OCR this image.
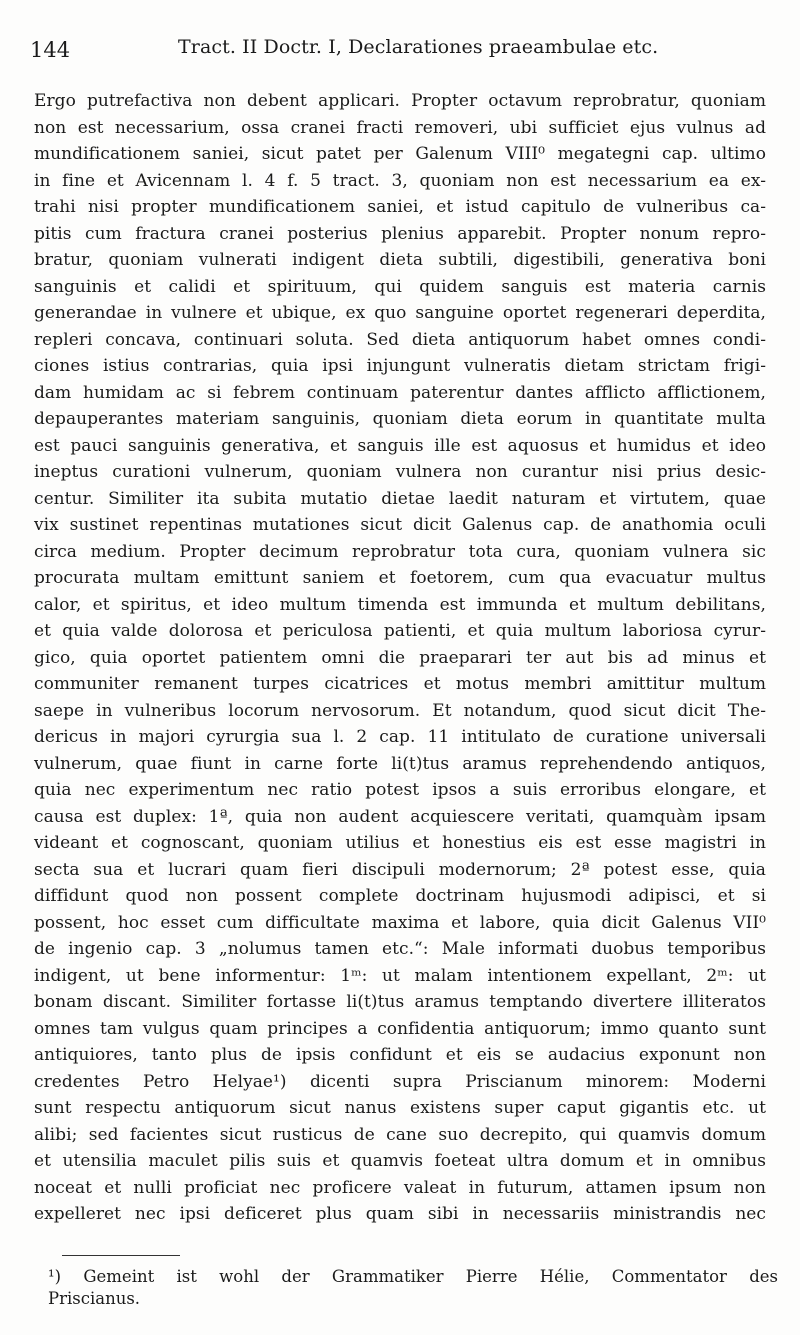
144	Tract. II Doctr. I, Declarationes praeambulae etc.
Ergo putrefactiva non debent applicari. Propter octavum reprobratur, quoniam
non est necessarium, ossa cranei fracti removeri, ubi sufficiet ejus vulnus ad
mundificationem saniei, sicut patet per Galenum VIII⁰ megategni cap. ultimo
in fine et Avicennam l. 4 f. 5 tract. 3, quoniam non est necessarium ea ex-
trahi nisi propter mundificationem saniei, et istud capitulo de vulneribus ca-
pitis cum fractura cranei posterius plenius apparebit. Propter nonum repro-
bratur, quoniam vulnerati indigent dieta subtili, digestibili, generativa boni
sanguinis et calidi et spirituum, qui quidem sanguis est materia carnis
generandae in vulnere et ubique, ex quo sanguine oportet regenerari deperdita,
repleri concava, continuari soluta. Sed dieta antiquorum habet omnes condi-
ciones istius contrarias, quia ipsi injungunt vulneratis dietam strictam frigi-
dam humidam ac si febrem continuam paterentur dantes afflicto afflictionem,
depauperantes materiam sanguinis, quoniam dieta eorum in quantitate multa
est pauci sanguinis generativa, et sanguis ille est aquosus et humidus et ideo
ineptus curationi vulnerum, quoniam vulnera non curantur nisi prius desic-
centur. Similiter ita subita mutatio dietae laedit naturam et virtutem, quae
vix sustinet repentinas mutationes sicut dicit Galenus cap. de anathomia oculi
circa medium. Propter decimum reprobratur tota cura, quoniam vulnera sic
procurata multam emittunt saniem et foetorem, cum qua evacuatur multus
calor, et spiritus, et ideo multum timenda est immunda et multum debilitans,
et quia valde dolorosa et periculosa patienti, et quia multum laboriosa cyrur-
gico, quia oportet patientem omni die praeparari ter aut bis ad minus et
communiter remanent turpes cicatrices et motus membri amittitur multum
saepe in vulneribus locorum nervosorum. Et notandum, quod sicut dicit The-
dericus in majori cyrurgia sua l. 2 cap. 11 intitulato de curatione universali
vulnerum, quae fiunt in carne forte li(t)tus aramus reprehendendo antiquos,
quia nec experimentum nec ratio potest ipsos a suis erroribus elongare, et
causa est duplex: 1ª, quia non audent acquiescere veritati, quamquàm ipsam
videant et cognoscant, quoniam utilius et honestius eis est esse magistri in
secta sua et lucrari quam fieri discipuli modernorum; 2ª potest esse, quia
diffidunt quod non possent complete doctrinam hujusmodi adipisci, et si
possent, hoc esset cum difficultate maxima et labore, quia dicit Galenus VII⁰
de ingenio cap. 3 „nolumus tamen etc.“: Male informati duobus temporibus
indigent, ut bene informentur: 1ᵐ: ut malam intentionem expellant, 2ᵐ: ut
bonam discant. Similiter fortasse li(t)tus aramus temptando divertere illiteratos
omnes tam vulgus quam principes a confidentia antiquorum; immo quanto sunt
antiquiores, tanto plus de ipsis confidunt et eis se audacius exponunt non
credentes Petro Helyae¹) dicenti supra Priscianum minorem: Moderni
sunt respectu antiquorum sicut nanus existens super caput gigantis etc. ut
alibi; sed facientes sicut rusticus de cane suo decrepito, qui quamvis domum
et utensilia maculet pilis suis et quamvis foeteat ultra domum et in omnibus
noceat et nulli proficiat nec proficere valeat in futurum, attamen ipsum non
expelleret nec ipsi deficeret plus quam sibi in necessariis ministrandis nec
¹) Gemeint ist wohl der Grammatiker Pierre Hélie, Commentator des
Priscianus.
